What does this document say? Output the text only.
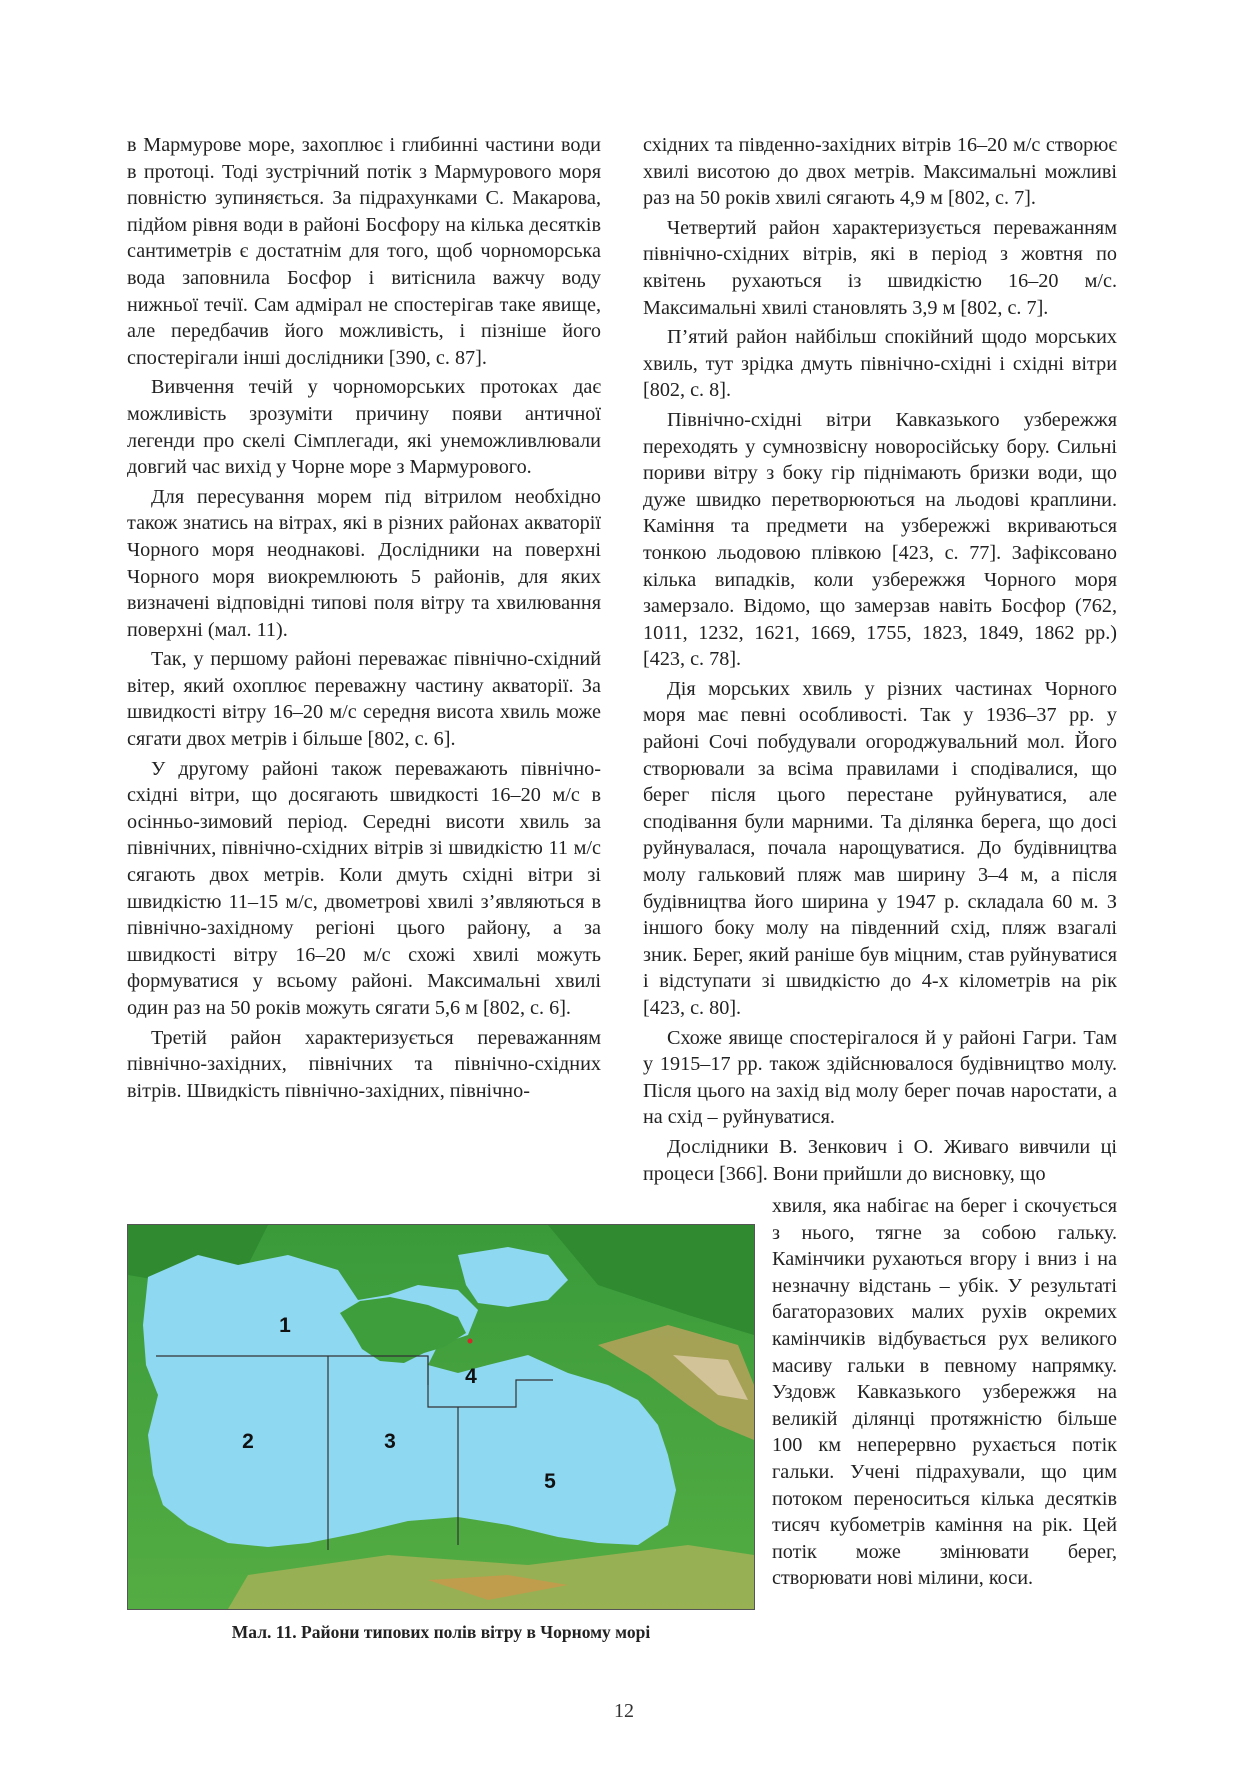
в Мармурове море, захоплює і глибинні частини води в протоці. Тоді зустрічний потік з Мармурового моря повністю зупиняється. За підрахунками С. Макарова, підйом рівня води в районі Босфору на кілька десятків сантиметрів є достатнім для того, щоб чорноморська вода заповнила Босфор і витіснила важчу воду нижньої течії. Сам адмірал не спостерігав таке явище, але передбачив його можливість, і пізніше його спостерігали інші дослідники [390, с. 87].

Вивчення течій у чорноморських протоках дає можливість зрозуміти причину появи античної легенди про скелі Сімплегади, які унеможливлювали довгий час вихід у Чорне море з Мармурового.

Для пересування морем під вітрилом необхідно також знатись на вітрах, які в різних районах акваторії Чорного моря неоднакові. Дослідники на поверхні Чорного моря виокремлюють 5 районів, для яких визначені відповідні типові поля вітру та хвилювання поверхні (мал. 11).

Так, у першому районі переважає північно-східний вітер, який охоплює переважну частину акваторії. За швидкості вітру 16–20 м/с середня висота хвиль може сягати двох метрів і більше [802, с. 6].

У другому районі також переважають північно-східні вітри, що досягають швидкості 16–20 м/с в осінньо-зимовий період. Середні висоти хвиль за північних, північно-східних вітрів зі швидкістю 11 м/с сягають двох метрів. Коли дмуть східні вітри зі швидкістю 11–15 м/с, двометрові хвилі з’являються в північно-західному регіоні цього району, а за швидкості вітру 16–20 м/с схожі хвилі можуть формуватися у всьому районі. Максимальні хвилі один раз на 50 років можуть сягати 5,6 м [802, с. 6].

Третій район характеризується переважанням північно-західних, північних та північно-східних вітрів. Швидкість північно-західних, північно-

східних та південно-західних вітрів 16–20 м/с створює хвилі висотою до двох метрів. Максимальні можливі раз на 50 років хвилі сягають 4,9 м [802, с. 7].

Четвертий район характеризується переважанням північно-східних вітрів, які в період з жовтня по квітень рухаються із швидкістю 16–20 м/с. Максимальні хвилі становлять 3,9 м [802, с. 7].

П’ятий район найбільш спокійний щодо морських хвиль, тут зрідка дмуть північно-східні і східні вітри [802, с. 8].

Північно-східні вітри Кавказького узбережжя переходять у сумнозвісну новоросійську бору. Сильні пориви вітру з боку гір піднімають бризки води, що дуже швидко перетворюються на льодові краплини. Каміння та предмети на узбережжі вкриваються тонкою льодовою плівкою [423, с. 77]. Зафіксовано кілька випадків, коли узбережжя Чорного моря замерзало. Відомо, що замерзав навіть Босфор (762, 1011, 1232, 1621, 1669, 1755, 1823, 1849, 1862 рр.) [423, с. 78].

Дія морських хвиль у різних частинах Чорного моря має певні особливості. Так у 1936–37 рр. у районі Сочі побудували огороджувальний мол. Його створювали за всіма правилами і сподівалися, що берег після цього перестане руйнуватися, але сподівання були марними. Та ділянка берега, що досі руйнувалася, почала нарощуватися. До будівництва молу гальковий пляж мав ширину 3–4 м, а після будівництва його ширина у 1947 р. складала 60 м. З іншого боку молу на південний схід, пляж взагалі зник. Берег, який раніше був міцним, став руйнуватися і відступати зі швидкістю до 4-х кілометрів на рік [423, с. 80].

Схоже явище спостерігалося й у районі Гагри. Там у 1915–17 рр. також здійснювалося будівництво молу. Після цього на захід від молу берег почав наростати, а на схід – руйнуватися.

Дослідники В. Зенкович і О. Живаго вивчили ці процеси [366]. Вони прийшли до висновку, що

хвиля, яка набігає на берег і скочується з нього, тягне за собою гальку. Камінчики рухаються вгору і вниз і на незначну відстань – убік. У результаті багаторазових малих рухів окремих камінчиків відбувається рух великого масиву гальки в певному напрямку. Уздовж Кавказького узбережжя на великій ділянці протяжністю більше 100 км неперервно рухається потік гальки. Учені підрахували, що цим потоком переноситься кілька десятків тисяч кубометрів каміння на рік. Цей потік може змінювати берег, створювати нові мілини, коси.

1
2	3
4
5
Мал. 11. Райони типових полів вітру в Чорному морі
12
